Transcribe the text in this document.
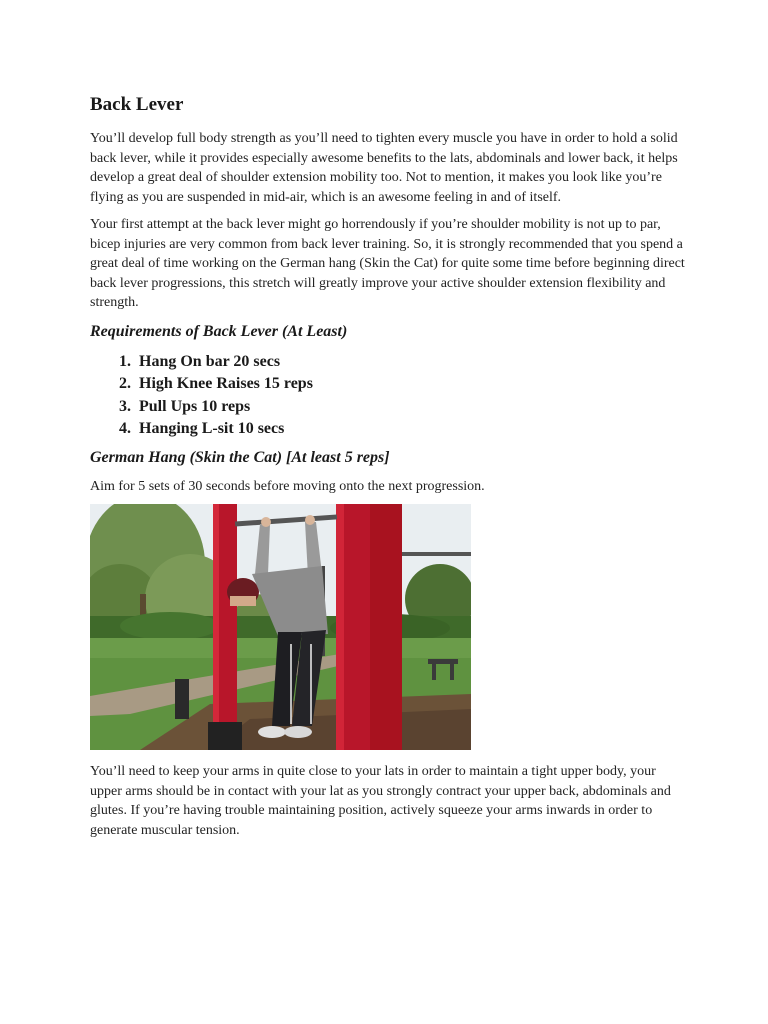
Back Lever

You’ll develop full body strength as you’ll need to tighten every muscle you have in order to hold a solid back lever, while it provides especially awesome benefits to the lats, abdominals and lower back, it helps develop a great deal of shoulder extension mobility too. Not to mention, it makes you look like you’re flying as you are suspended in mid-air, which is an awesome feeling in and of itself.

Your first attempt at the back lever might go horrendously if you’re shoulder mobility is not up to par, bicep injuries are very common from back lever training. So, it is strongly recommended that you spend a great deal of time working on the German hang (Skin the Cat) for quite some time before beginning direct back lever progressions, this stretch will greatly improve your active shoulder extension flexibility and strength.

Requirements of Back Lever (At Least)
1. Hang On bar 20 secs
2. High Knee Raises 15 reps
3. Pull Ups 10 reps
4. Hanging L-sit 10 secs
German Hang (Skin the Cat) [At least 5 reps]

Aim for 5 sets of 30 seconds before moving onto the next progression.

You’ll need to keep your arms in quite close to your lats in order to maintain a tight upper body, your upper arms should be in contact with your lat as you strongly contract your upper back, abdominals and glutes. If you’re having trouble maintaining position, actively squeeze your arms inwards in order to generate muscular tension.
